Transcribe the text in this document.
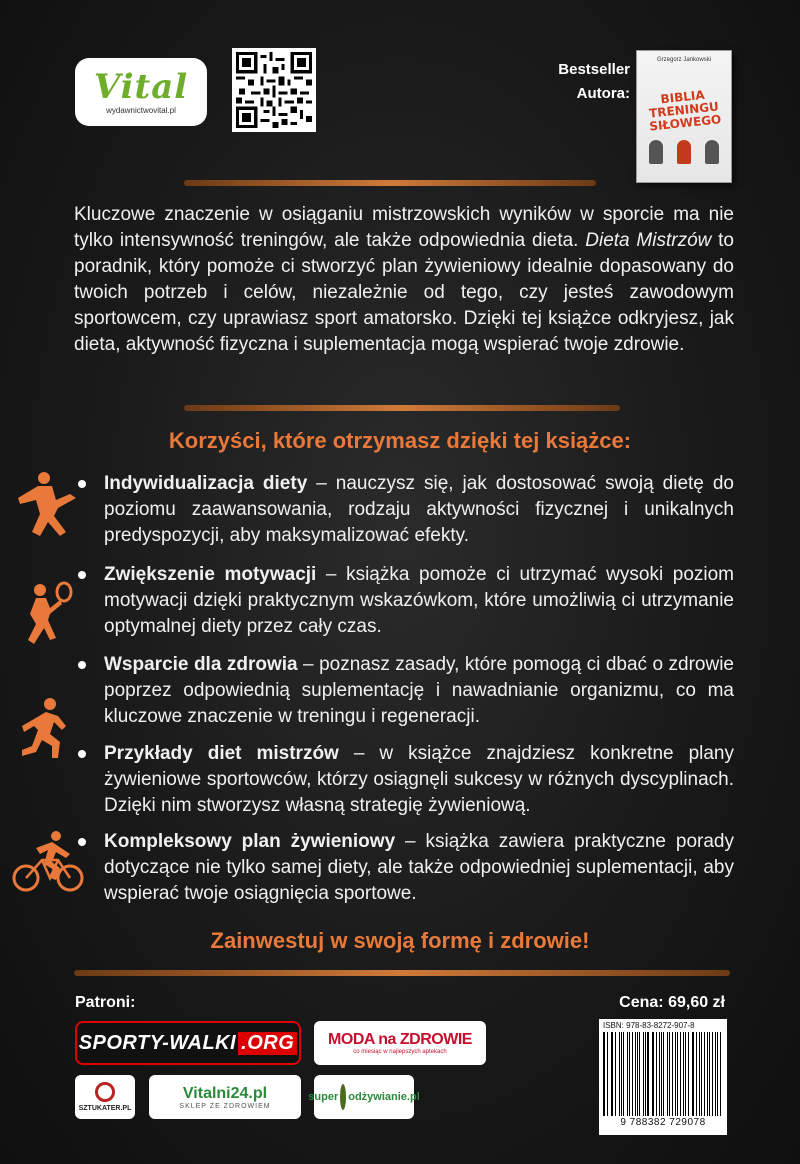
Vital
wydawnictwovital.pl
Bestseller
Autora:
Grzegorz Jankowski
BIBLIA TRENINGU SIŁOWEGO

Kluczowe znaczenie w osiąganiu mistrzowskich wyników w sporcie ma nie tylko intensywność treningów, ale także odpowiednia dieta. Dieta Mistrzów to poradnik, który pomoże ci stworzyć plan żywieniowy idealnie dopasowany do twoich potrzeb i celów, niezależnie od tego, czy jesteś zawodowym sportowcem, czy uprawiasz sport amatorsko. Dzięki tej książce odkryjesz, jak dieta, aktywność fizyczna i suplementacja mogą wspierać twoje zdrowie.

Korzyści, które otrzymasz dzięki tej książce:
Indywidualizacja diety – nauczysz się, jak dostosować swoją dietę do poziomu zaawansowania, rodzaju aktywności fizycznej i unikalnych predyspozycji, aby maksymalizować efekty.
Zwiększenie motywacji – książka pomoże ci utrzymać wysoki poziom motywacji dzięki praktycznym wskazówkom, które umożliwią ci utrzymanie optymalnej diety przez cały czas.
Wsparcie dla zdrowia – poznasz zasady, które pomogą ci dbać o zdrowie poprzez odpowiednią suplementację i nawadnianie organizmu, co ma kluczowe znaczenie w treningu i regeneracji.
Przykłady diet mistrzów – w książce znajdziesz konkretne plany żywieniowe sportowców, którzy osiągnęli sukcesy w różnych dyscyplinach. Dzięki nim stworzysz własną strategię żywieniową.
Kompleksowy plan żywieniowy – książka zawiera praktyczne porady dotyczące nie tylko samej diety, ale także odpowiedniej suplementacji, aby wspierać twoje osiągnięcia sportowe.
Zainwestuj w swoją formę i zdrowie!
Patroni:	Cena: 69,60 zł
SPORTY-WALKI .ORG MODA na ZDROWIE
co miesiąc w najlepszych aptekach
SZTUKATER.PL
Vitalni24.pl
SKLEP ZE ZDROWIEM
super odżywianie.pl
ISBN: 978-83-8272-907-8
9 788382 729078
